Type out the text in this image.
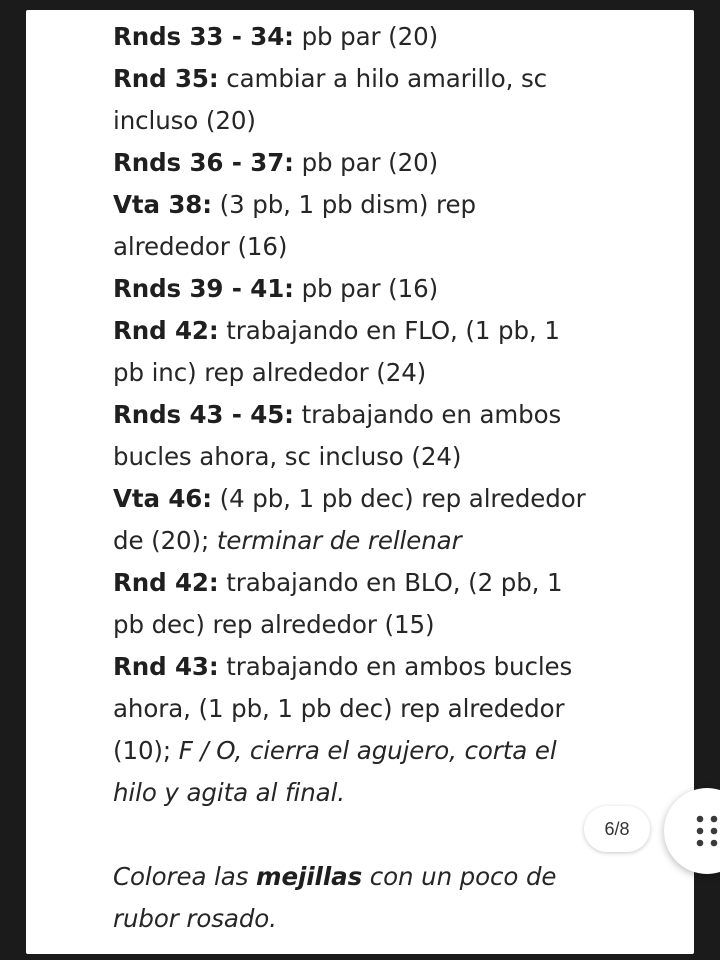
Rnds 33 - 34: pb par (20)
Rnd 35: cambiar a hilo amarillo, sc
incluso (20)
Rnds 36 - 37: pb par (20)
Vta 38: (3 pb, 1 pb dism) rep
alrededor (16)
Rnds 39 - 41: pb par (16)
Rnd 42: trabajando en FLO, (1 pb, 1
pb inc) rep alrededor (24)
Rnds 43 - 45: trabajando en ambos
bucles ahora, sc incluso (24)
Vta 46: (4 pb, 1 pb dec) rep alrededor
de (20); terminar de rellenar
Rnd 42: trabajando en BLO, (2 pb, 1
pb dec) rep alrededor (15)
Rnd 43: trabajando en ambos bucles
ahora, (1 pb, 1 pb dec) rep alrededor
(10); F / O, cierra el agujero, corta el
hilo y agita al final.
Colorea las mejillas con un poco de
rubor rosado.
6/8
